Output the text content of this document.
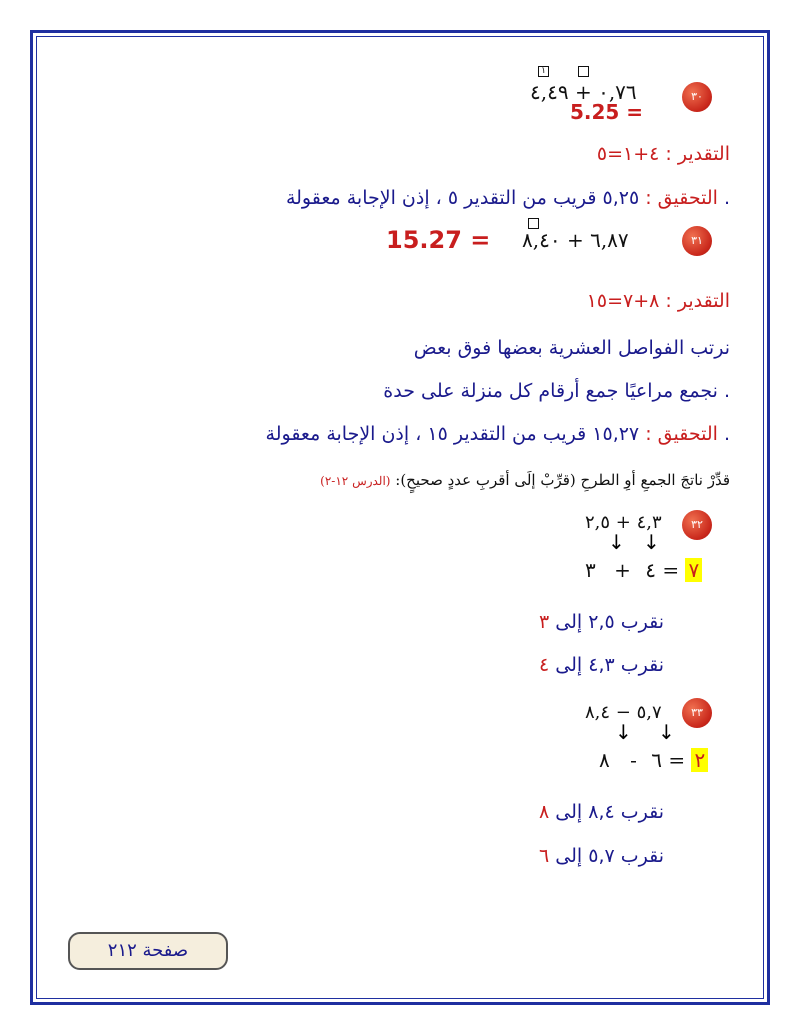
٣٠
١
٠,٧٦ + ٤,٤٩
5.25 =
التقدير : ٤+١=٥
التحقيق : ٥,٢٥ قريب من التقدير ٥ ، إذن الإجابة معقولة .
٣١
٦,٨٧ + ٨,٤٠
15.27 =
التقدير : ٨+٧=١٥
نرتب الفواصل العشرية بعضها فوق بعض
نجمع مراعيًا جمع أرقام كل منزلة على حدة .
التحقيق : ١٥,٢٧ قريب من التقدير ١٥ ، إذن الإجابة معقولة .
قدِّرْ ناتجَ الجمعِ أوِ الطرحِ (قرِّبْ إلَى أقربِ عددٍ صحيحٍ): (الدرس ١٢-٢)
٣٢
٤,٣ + ٢,٥
↓ ↓
٧ = ٤ + ٣
نقرب ٢,٥ إلى ٣
نقرب ٤,٣ إلى ٤
٣٣
٥,٧ − ٨,٤
↓ ↓
٢ = ٦ - ٨
نقرب ٨,٤ إلى ٨
نقرب ٥,٧ إلى ٦
صفحة ٢١٢
